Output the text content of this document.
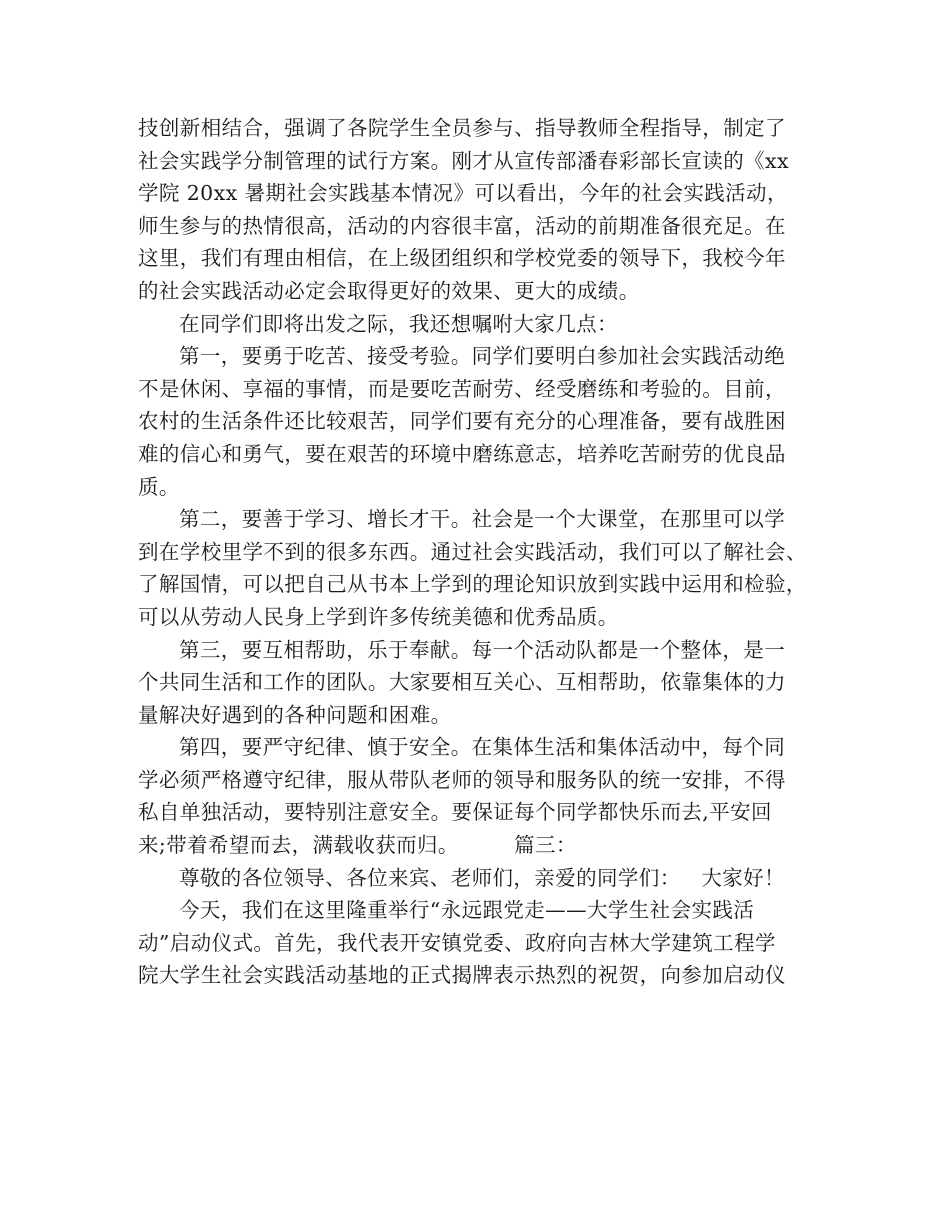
技创新相结合，强调了各院学生全员参与、指导教师全程指导，制定了
社会实践学分制管理的试行方案。刚才从宣传部潘春彩部长宣读的《xx
学院 20xx 暑期社会实践基本情况》可以看出，今年的社会实践活动，
师生参与的热情很高，活动的内容很丰富，活动的前期准备很充足。在
这里，我们有理由相信，在上级团组织和学校党委的领导下，我校今年
的社会实践活动必定会取得更好的效果、更大的成绩。
在同学们即将出发之际，我还想嘱咐大家几点：
第一，要勇于吃苦、接受考验。同学们要明白参加社会实践活动绝
不是休闲、享福的事情，而是要吃苦耐劳、经受磨练和考验的。目前，
农村的生活条件还比较艰苦，同学们要有充分的心理准备，要有战胜困
难的信心和勇气，要在艰苦的环境中磨练意志，培养吃苦耐劳的优良品
质。
第二，要善于学习、增长才干。社会是一个大课堂，在那里可以学
到在学校里学不到的很多东西。通过社会实践活动，我们可以了解社会、
了解国情，可以把自己从书本上学到的理论知识放到实践中运用和检验，
可以从劳动人民身上学到许多传统美德和优秀品质。
第三，要互相帮助，乐于奉献。每一个活动队都是一个整体，是一
个共同生活和工作的团队。大家要相互关心、互相帮助，依靠集体的力
量解决好遇到的各种问题和困难。
第四，要严守纪律、慎于安全。在集体生活和集体活动中，每个同
学必须严格遵守纪律，服从带队老师的领导和服务队的统一安排，不得
私自单独活动，要特别注意安全。要保证每个同学都快乐而去,平安回
来;带着希望而去，满载收获而归。        篇三：
尊敬的各位领导、各位来宾、老师们，亲爱的同学们：   大家好！
今天，我们在这里隆重举行“永远跟党走——大学生社会实践活
动”启动仪式。首先，我代表开安镇党委、政府向吉林大学建筑工程学
院大学生社会实践活动基地的正式揭牌表示热烈的祝贺，向参加启动仪
